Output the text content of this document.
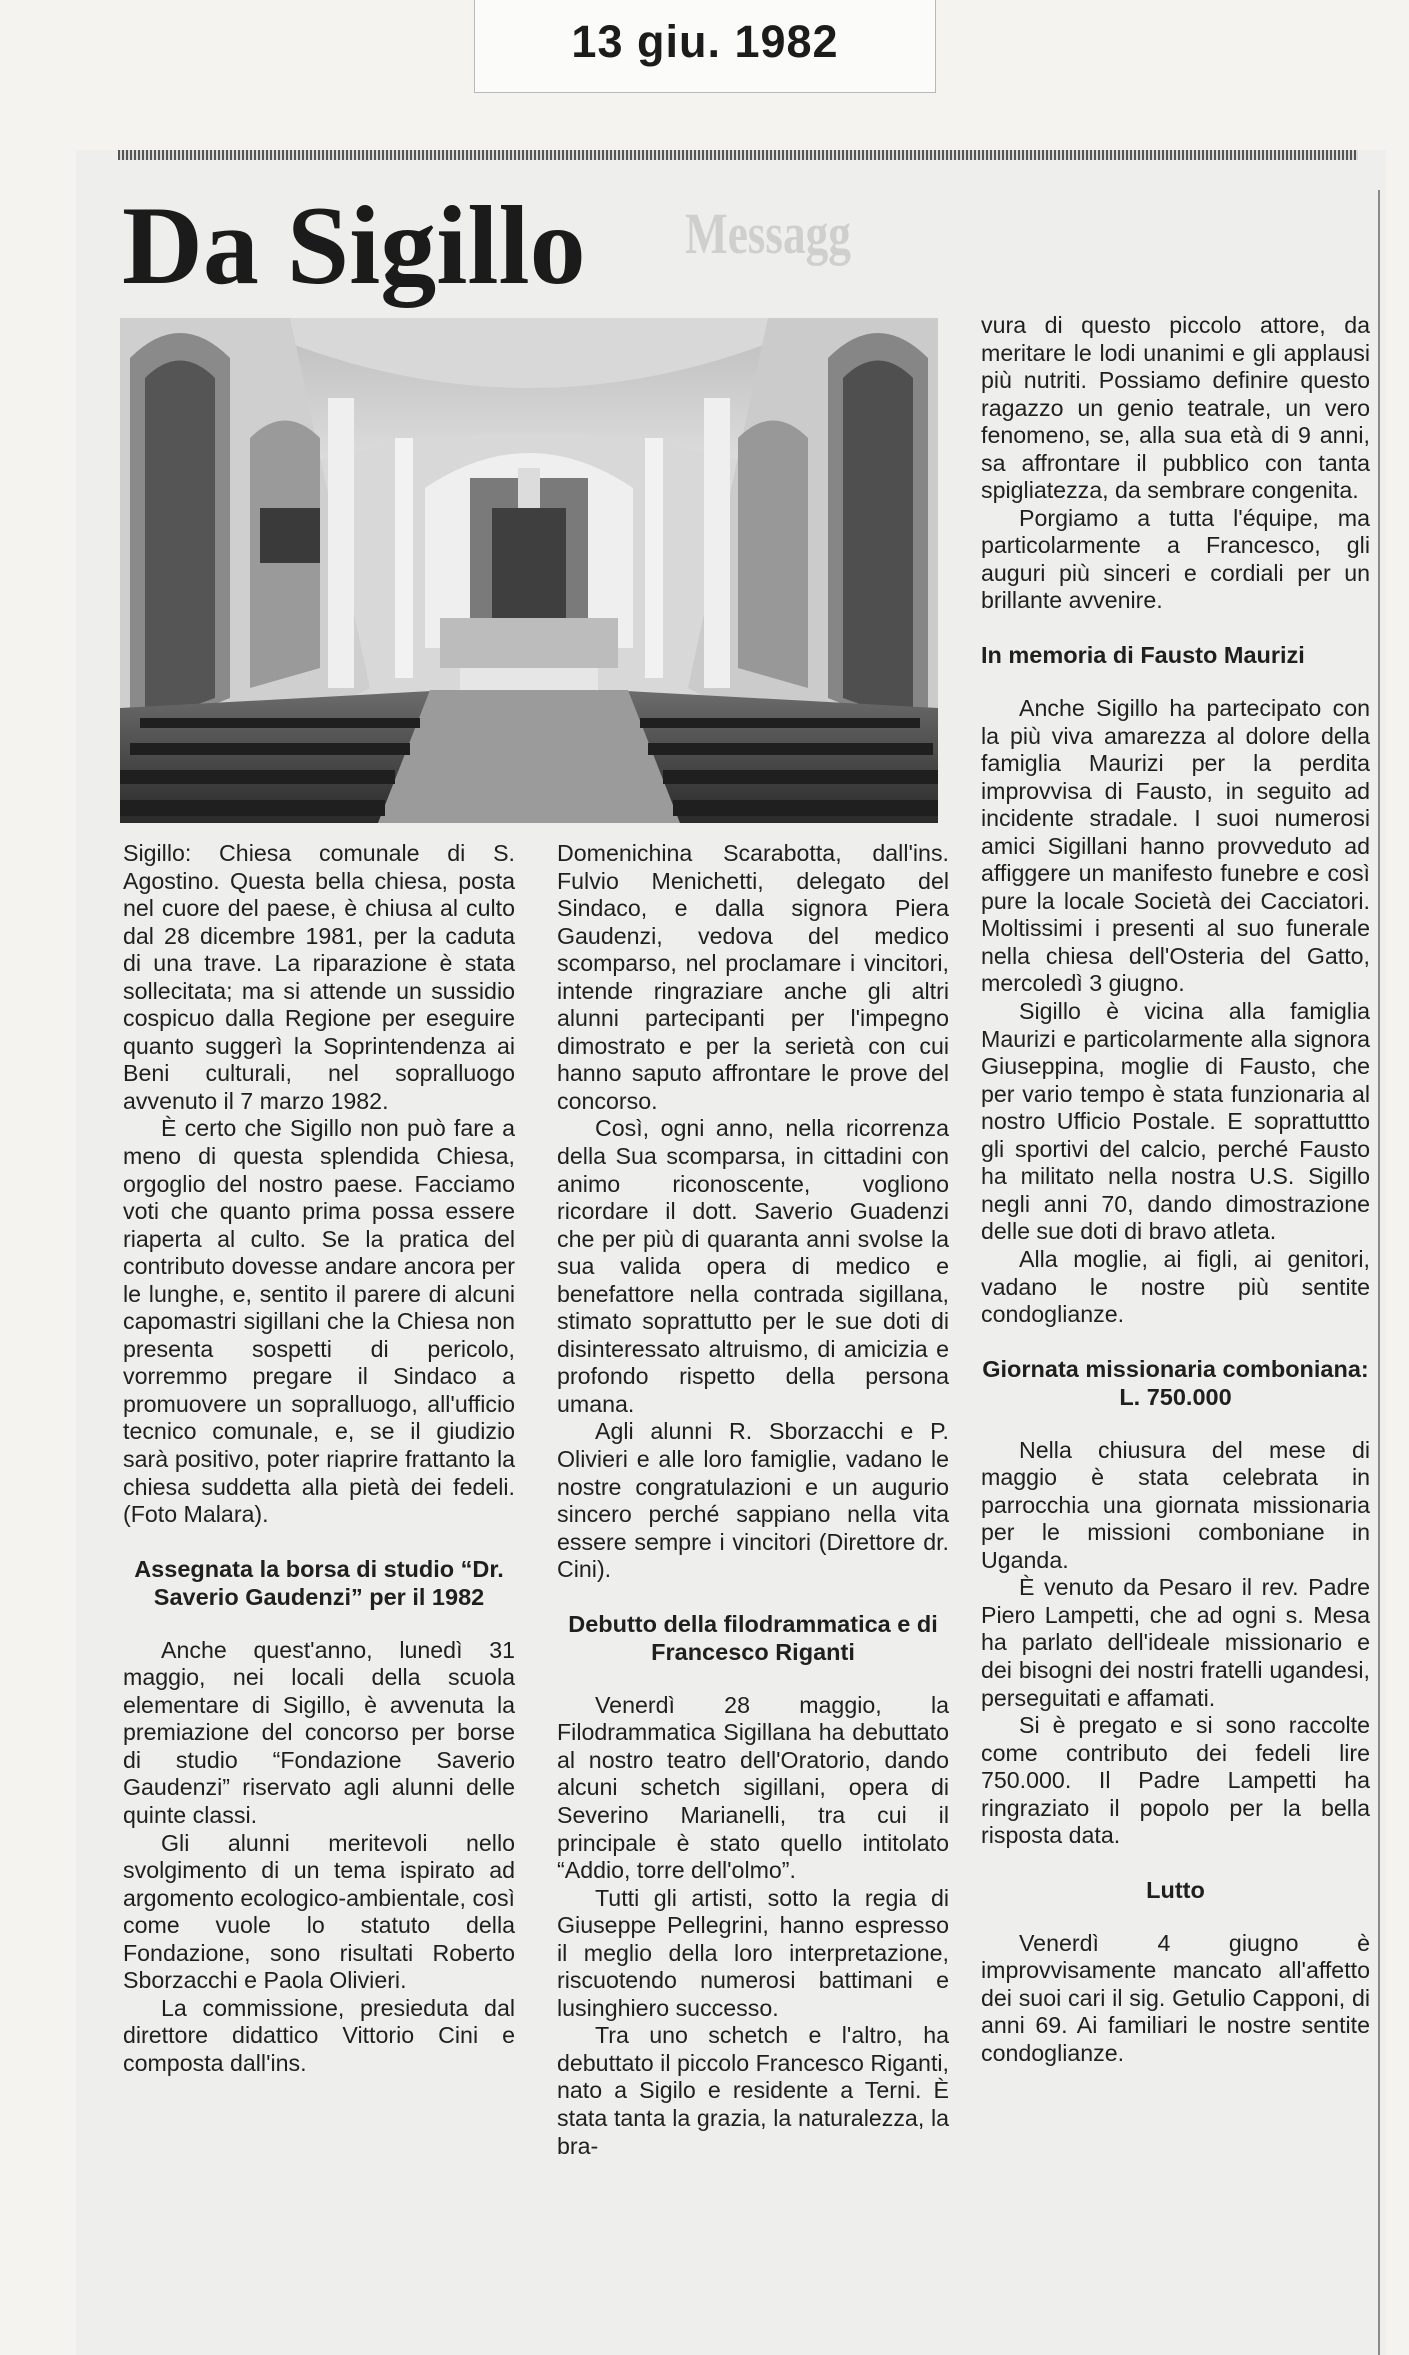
13 giu. 1982
Messagg
Da Sigillo

Sigillo: Chiesa comunale di S. Agostino. Questa bella chiesa, posta nel cuore del paese, è chiusa al culto dal 28 dicembre 1981, per la caduta di una trave. La riparazione è stata sollecitata; ma si attende un sussidio cospicuo dalla Regione per eseguire quanto suggerì la Soprintendenza ai Beni culturali, nel sopralluogo avvenuto il 7 marzo 1982.

È certo che Sigillo non può fare a meno di questa splendida Chiesa, orgoglio del nostro paese. Facciamo voti che quanto prima possa essere riaperta al culto. Se la pratica del contributo dovesse andare ancora per le lunghe, e, sentito il parere di alcuni capomastri sigillani che la Chiesa non presenta sospetti di pericolo, vorremmo pregare il Sindaco a promuovere un sopralluogo, all'ufficio tecnico comunale, e, se il giudizio sarà positivo, poter riaprire frattanto la chiesa suddetta alla pietà dei fedeli. (Foto Malara).

Assegnata la borsa di studio “Dr. Saverio Gaudenzi” per il 1982

Anche quest'anno, lunedì 31 maggio, nei locali della scuola elementare di Sigillo, è avvenuta la premiazione del concorso per borse di studio “Fondazione Saverio Gaudenzi” riservato agli alunni delle quinte classi.

Gli alunni meritevoli nello svolgimento di un tema ispirato ad argomento ecologico-ambientale, così come vuole lo statuto della Fondazione, sono risultati Roberto Sborzacchi e Paola Olivieri.

La commissione, presieduta dal direttore didattico Vittorio Cini e composta dall'ins.

Domenichina Scarabotta, dall'ins. Fulvio Menichetti, delegato del Sindaco, e dalla signora Piera Gaudenzi, vedova del medico scomparso, nel proclamare i vincitori, intende ringraziare anche gli altri alunni partecipanti per l'impegno dimostrato e per la serietà con cui hanno saputo affrontare le prove del concorso.

Così, ogni anno, nella ricorrenza della Sua scomparsa, in cittadini con animo riconoscente, vogliono ricordare il dott. Saverio Guadenzi che per più di quaranta anni svolse la sua valida opera di medico e benefattore nella contrada sigillana, stimato soprattutto per le sue doti di disinteressato altruismo, di amicizia e profondo rispetto della persona umana.

Agli alunni R. Sborzacchi e P. Olivieri e alle loro famiglie, vadano le nostre congratulazioni e un augurio sincero perché sappiano nella vita essere sempre i vincitori (Direttore dr. Cini).

Debutto della filodrammatica e di Francesco Riganti

Venerdì 28 maggio, la Filodrammatica Sigillana ha debuttato al nostro teatro dell'Oratorio, dando alcuni schetch sigillani, opera di Severino Marianelli, tra cui il principale è stato quello intitolato “Addio, torre dell'olmo”.

Tutti gli artisti, sotto la regia di Giuseppe Pellegrini, hanno espresso il meglio della loro interpretazione, riscuotendo numerosi battimani e lusinghiero successo.

Tra uno schetch e l'altro, ha debuttato il piccolo Francesco Riganti, nato a Sigilo e residente a Terni. È stata tanta la grazia, la naturalezza, la bra-

vura di questo piccolo attore, da meritare le lodi unanimi e gli applausi più nutriti. Possiamo definire questo ragazzo un genio teatrale, un vero fenomeno, se, alla sua età di 9 anni, sa affrontare il pubblico con tanta spigliatezza, da sembrare congenita.

Porgiamo a tutta l'équipe, ma particolarmente a Francesco, gli auguri più sinceri e cordiali per un brillante avvenire.

In memoria di Fausto Maurizi

Anche Sigillo ha partecipato con la più viva amarezza al dolore della famiglia Maurizi per la perdita improvvisa di Fausto, in seguito ad incidente stradale. I suoi numerosi amici Sigillani hanno provveduto ad affiggere un manifesto funebre e così pure la locale Società dei Cacciatori. Moltissimi i presenti al suo funerale nella chiesa dell'Osteria del Gatto, mercoledì 3 giugno.

Sigillo è vicina alla famiglia Maurizi e particolarmente alla signora Giuseppina, moglie di Fausto, che per vario tempo è stata funzionaria al nostro Ufficio Postale. E soprattuttto gli sportivi del calcio, perché Fausto ha militato nella nostra U.S. Sigillo negli anni 70, dando dimostrazione delle sue doti di bravo atleta.

Alla moglie, ai figli, ai genitori, vadano le nostre più sentite condoglianze.

Giornata missionaria comboniana: L. 750.000

Nella chiusura del mese di maggio è stata celebrata in parrocchia una giornata missionaria per le missioni comboniane in Uganda.

È venuto da Pesaro il rev. Padre Piero Lampetti, che ad ogni s. Mesa ha parlato dell'ideale missionario e dei bisogni dei nostri fratelli ugandesi, perseguitati e affamati.

Si è pregato e si sono raccolte come contributo dei fedeli lire 750.000. Il Padre Lampetti ha ringraziato il popolo per la bella risposta data.

Lutto

Venerdì 4 giugno è improvvisamente mancato all'affetto dei suoi cari il sig. Getulio Capponi, di anni 69. Ai familiari le nostre sentite condoglianze.
